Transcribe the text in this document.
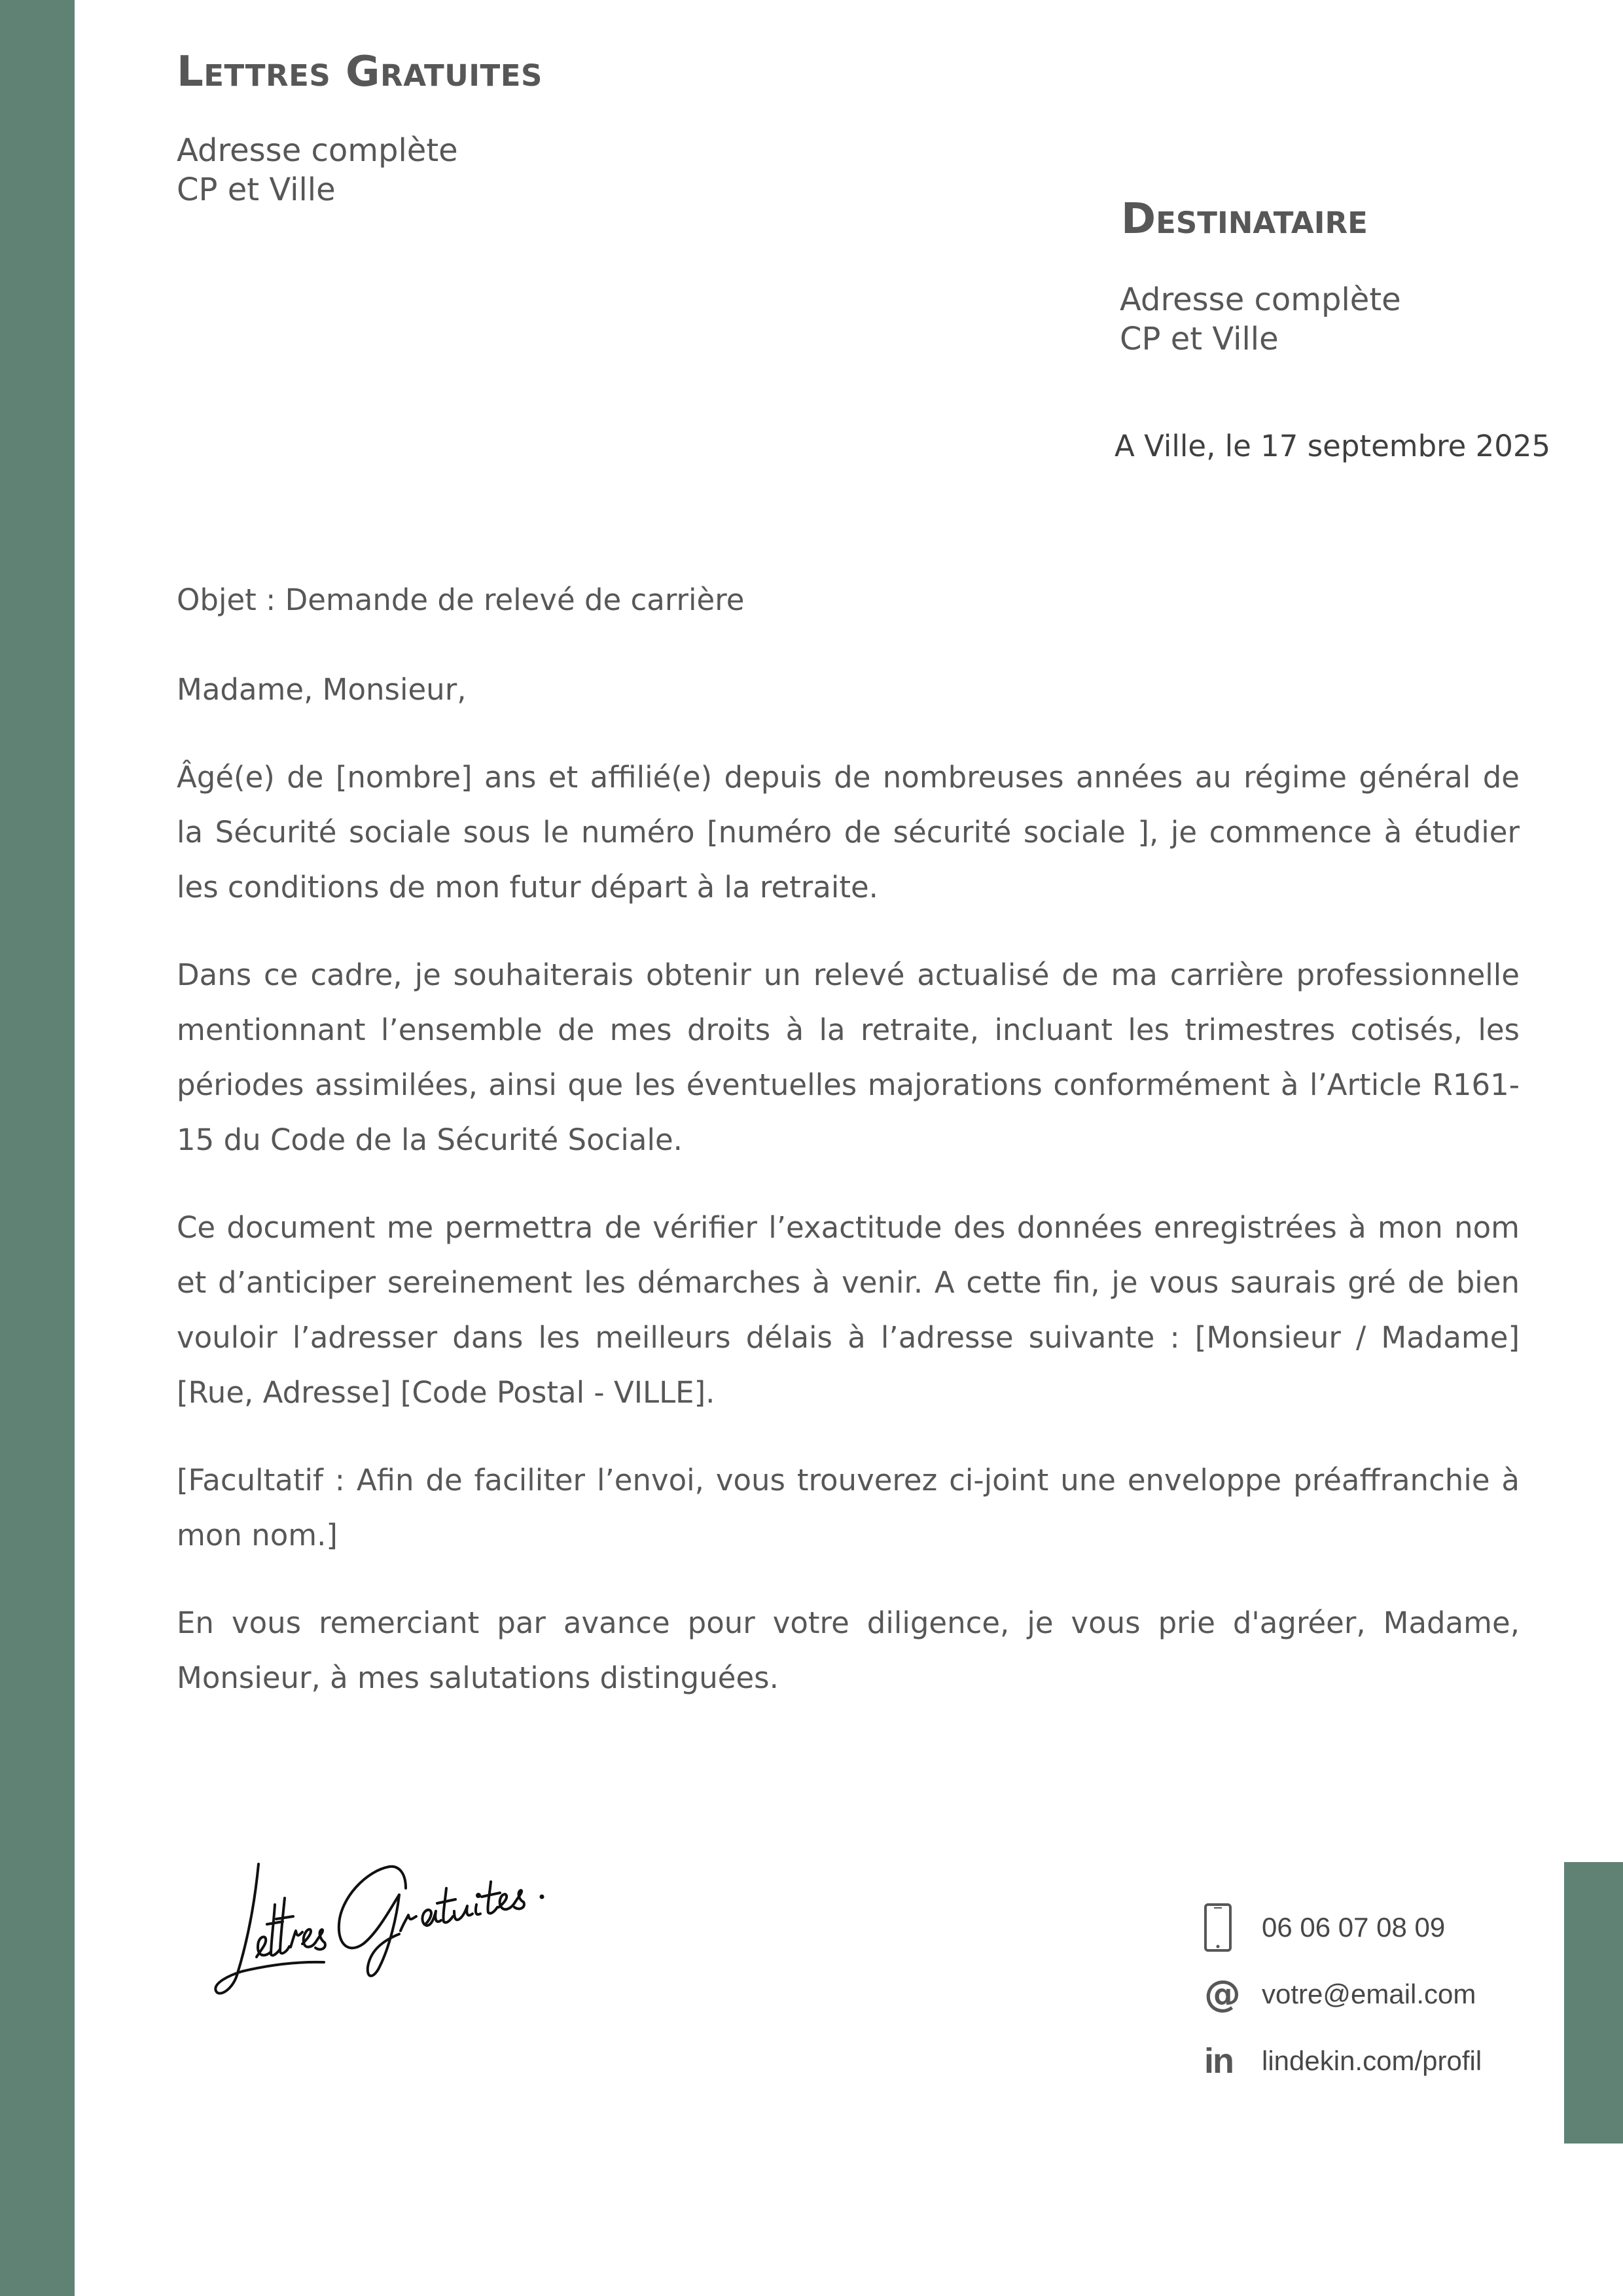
Lettres Gratuites
Adresse complète
CP et Ville
Destinataire
Adresse complète
CP et Ville
A Ville, le 17 septembre 2025

Objet : Demande de relevé de carrière

Madame, Monsieur,

Âgé(e) de [nombre] ans et affilié(e) depuis de nombreuses années au régime général de la Sécurité sociale sous le numéro [numéro de sécurité sociale ], je commence à étudier les conditions de mon futur départ à la retraite.

Dans ce cadre, je souhaiterais obtenir un relevé actualisé de ma carrière professionnelle mentionnant l’ensemble de mes droits à la retraite, incluant les trimestres cotisés, les périodes assimilées, ainsi que les éventuelles majorations conformément à l’Article R161-15 du Code de la Sécurité Sociale.

Ce document me permettra de vérifier l’exactitude des données enregistrées à mon nom et d’anticiper sereinement les démarches à venir. A cette fin, je vous saurais gré de bien vouloir l’adresser dans les meilleurs délais à l’adresse suivante : [Monsieur / Madame] [Rue, Adresse] [Code Postal - VILLE].

[Facultatif : Afin de faciliter l’envoi, vous trouverez ci-joint une enveloppe préaffranchie à mon nom.]

En vous remerciant par avance pour votre diligence, je vous prie d'agréer, Madame, Monsieur, à mes salutations distinguées.

06 06 07 08 09
@ votre@email.com
in	lindekin.com/profil
